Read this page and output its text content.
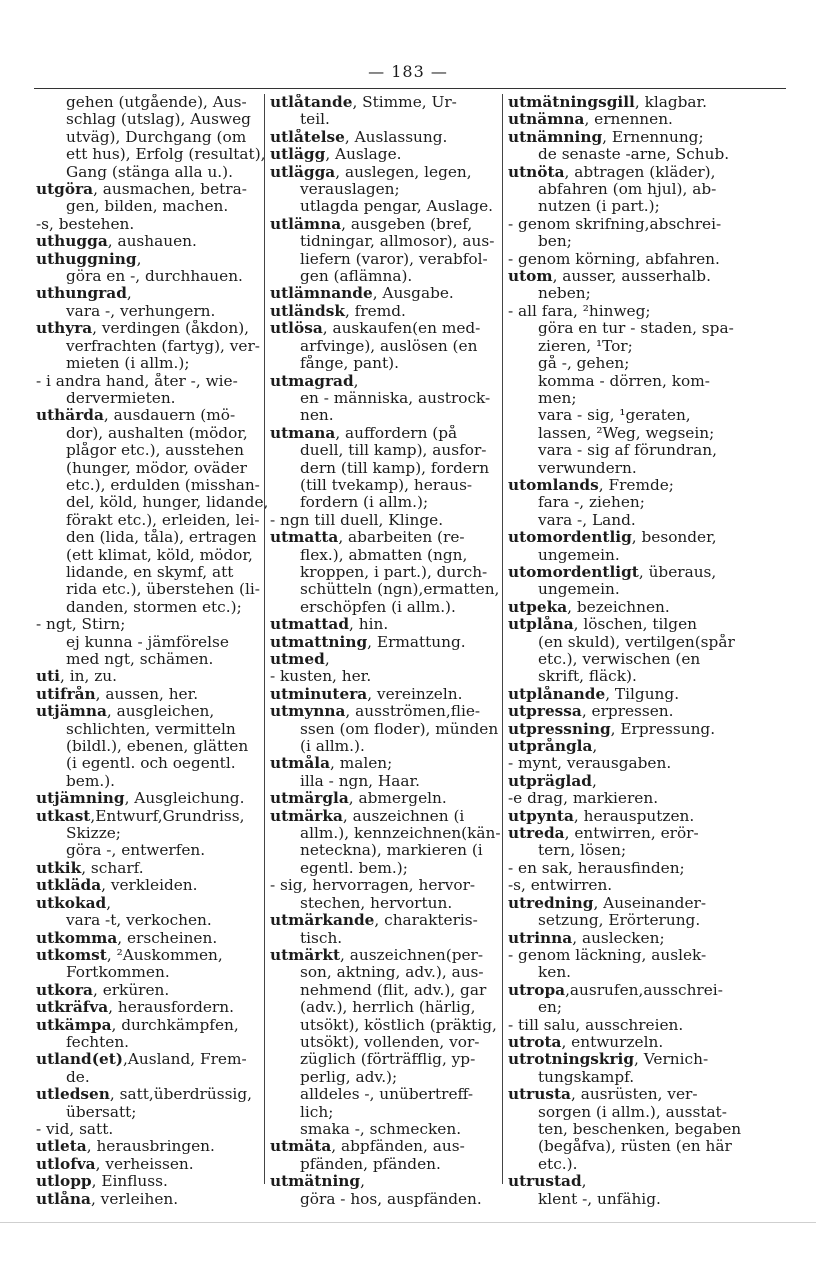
— 183 —
gehen (utgående), Aus-
schlag (utslag), Ausweg
utväg), Durchgang (om
ett hus), Erfolg (resultat),
Gang (stänga alla u.).
utgöra, ausmachen, betra-
gen, bilden, machen.
-s, bestehen.
uthugga, aushauen.
uthuggning,
göra en -, durchhauen.
uthungrad,
vara -, verhungern.
uthyra, verdingen (åkdon),
verfrachten (fartyg), ver-
mieten (i allm.);
- i andra hand, åter -, wie-
dervermieten.
uthärda, ausdauern (mö-
dor), aushalten (mödor,
plågor etc.), ausstehen
(hunger, mödor, oväder
etc.), erdulden (misshan-
del, köld, hunger, lidande,
förakt etc.), erleiden, lei-
den (lida, tåla), ertragen
(ett klimat, köld, mödor,
lidande, en skymf, att
rida etc.), überstehen (li-
danden, stormen etc.);
- ngt, Stirn;
ej kunna - jämförelse
med ngt, schämen.
uti, in, zu.
utifrån, aussen, her.
utjämna, ausgleichen,
schlichten, vermitteln
(bildl.), ebenen, glätten
(i egentl. och oegentl.
bem.).
utjämning, Ausgleichung.
utkast,Entwurf,Grundriss,
Skizze;
göra -, entwerfen.
utkik, scharf.
utkläda, verkleiden.
utkokad,
vara -t, verkochen.
utkomma, erscheinen.
utkomst, ²Auskommen,
Fortkommen.
utkora, erküren.
utkräfva, herausfordern.
utkämpa, durchkämpfen,
fechten.
utland(et),Ausland, Frem-
de.
utledsen, satt,überdrüssig,
übersatt;
- vid, satt.
utleta, herausbringen.
utlofva, verheissen.
utlopp, Einfluss.
utlåna, verleihen.
utlåtande, Stimme, Ur-
teil.
utlåtelse, Auslassung.
utlägg, Auslage.
utlägga, auslegen, legen,
verauslagen;
utlagda pengar, Auslage.
utlämna, ausgeben (bref,
tidningar, allmosor), aus-
liefern (varor), verabfol-
gen (aflämna).
utlämnande, Ausgabe.
utländsk, fremd.
utlösa, auskaufen(en med-
arfvinge), auslösen (en
fånge, pant).
utmagrad,
en - människa, austrock-
nen.
utmana, auffordern (på
duell, till kamp), ausfor-
dern (till kamp), fordern
(till tvekamp), heraus-
fordern (i allm.);
- ngn till duell, Klinge.
utmatta, abarbeiten (re-
flex.), abmatten (ngn,
kroppen, i part.), durch-
schütteln (ngn),ermatten,
erschöpfen (i allm.).
utmattad, hin.
utmattning, Ermattung.
utmed,
- kusten, her.
utminutera, vereinzeln.
utmynna, ausströmen,flie-
ssen (om floder), münden
(i allm.).
utmåla, malen;
illa - ngn, Haar.
utmärgla, abmergeln.
utmärka, auszeichnen (i
allm.), kennzeichnen(kän-
neteckna), markieren (i
egentl. bem.);
- sig, hervorragen, hervor-
stechen, hervortun.
utmärkande, charakteris-
tisch.
utmärkt, auszeichnen(per-
son, aktning, adv.), aus-
nehmend (flit, adv.), gar
(adv.), herrlich (härlig,
utsökt), köstlich (präktig,
utsökt), vollenden, vor-
züglich (förträfflig, yp-
perlig, adv.);
alldeles -, unübertreff-
lich;
smaka -, schmecken.
utmäta, abpfänden, aus-
pfänden, pfänden.
utmätning,
göra - hos, auspfänden.
utmätningsgill, klagbar.
utnämna, ernennen.
utnämning, Ernennung;
de senaste -arne, Schub.
utnöta, abtragen (kläder),
abfahren (om hjul), ab-
nutzen (i part.);
- genom skrifning,abschrei-
ben;
- genom körning, abfahren.
utom, ausser, ausserhalb.
neben;
- all fara, ²hinweg;
göra en tur - staden, spa-
zieren, ¹Tor;
gå -, gehen;
komma - dörren, kom-
men;
vara - sig, ¹geraten,
lassen, ²Weg, wegsein;
vara - sig af förundran,
verwundern.
utomlands, Fremde;
fara -, ziehen;
vara -, Land.
utomordentlig, besonder,
ungemein.
utomordentligt, überaus,
ungemein.
utpeka, bezeichnen.
utplåna, löschen, tilgen
(en skuld), vertilgen(spår
etc.), verwischen (en
skrift, fläck).
utplånande, Tilgung.
utpressa, erpressen.
utpressning, Erpressung.
utprångla,
- mynt, verausgaben.
utpräglad,
-e drag, markieren.
utpynta, herausputzen.
utreda, entwirren, erör-
tern, lösen;
- en sak, herausfinden;
-s, entwirren.
utredning, Auseinander-
setzung, Erörterung.
utrinna, auslecken;
- genom läckning, auslek-
ken.
utropa,ausrufen,ausschrei-
en;
- till salu, ausschreien.
utrota, entwurzeln.
utrotningskrig, Vernich-
tungskampf.
utrusta, ausrüsten, ver-
sorgen (i allm.), ausstat-
ten, beschenken, begaben
(begåfva), rüsten (en här
etc.).
utrustad,
klent -, unfähig.
